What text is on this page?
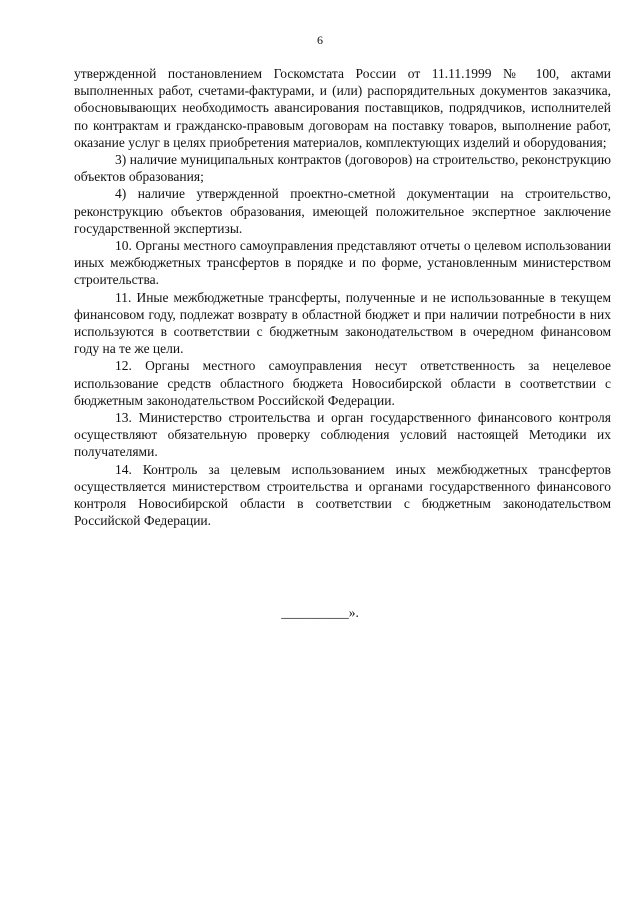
6

утвержденной постановлением Госкомстата России от 11.11.1999 № 100, актами выполненных работ, счетами-фактурами, и (или) распорядительных документов заказчика, обосновывающих необходимость авансирования поставщиков, подрядчиков, исполнителей по контрактам и гражданско-правовым договорам на поставку товаров, выполнение работ, оказание услуг в целях приобретения материалов, комплектующих изделий и оборудования;

3) наличие муниципальных контрактов (договоров) на строительство, реконструкцию объектов образования;

4) наличие утвержденной проектно-сметной документации на строительство, реконструкцию объектов образования, имеющей положительное экспертное заключение государственной экспертизы.

10. Органы местного самоуправления представляют отчеты о целевом использовании иных межбюджетных трансфертов в порядке и по форме, установленным министерством строительства.

11. Иные межбюджетные трансферты, полученные и не использованные в текущем финансовом году, подлежат возврату в областной бюджет и при наличии потребности в них используются в соответствии с бюджетным законодательством в очередном финансовом году на те же цели.

12. Органы местного самоуправления несут ответственность за нецелевое использование средств областного бюджета Новосибирской области в соответствии с бюджетным законодательством Российской Федерации.

13. Министерство строительства и орган государственного финансового контроля осуществляют обязательную проверку соблюдения условий настоящей Методики их получателями.

14. Контроль за целевым использованием иных межбюджетных трансфертов осуществляется министерством строительства и органами государственного финансового контроля Новосибирской области в соответствии с бюджетным законодательством Российской Федерации.

__________».
